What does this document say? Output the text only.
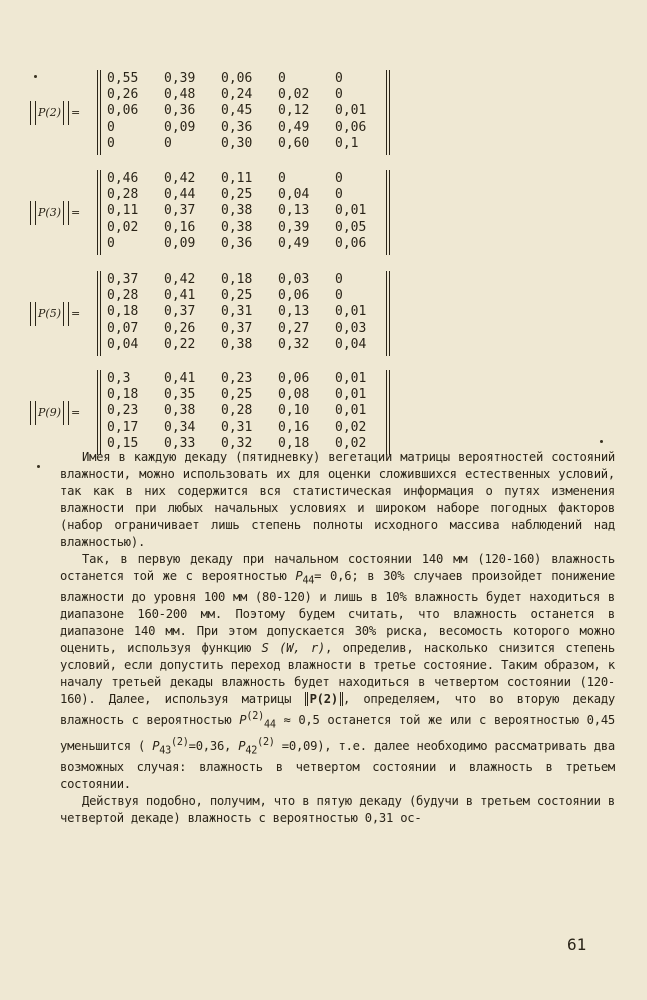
P(2) =
0,55	0,39	0,06	0	0
0,26	0,48	0,24	0,02	0
0,06	0,36	0,45	0,12	0,01
0	0,09	0,36	0,49	0,06
0	0	0,30	0,60	0,1
P(3) =
0,46	0,42	0,11	0	0
0,28	0,44	0,25	0,04	0
0,11	0,37	0,38	0,13	0,01
0,02	0,16	0,38	0,39	0,05
0	0,09	0,36	0,49	0,06
P(5) =
0,37	0,42	0,18	0,03	0
0,28	0,41	0,25	0,06	0
0,18	0,37	0,31	0,13	0,01
0,07	0,26	0,37	0,27	0,03
0,04	0,22	0,38	0,32	0,04
P(9) =
0,3	0,41	0,23	0,06	0,01
0,18	0,35	0,25	0,08	0,01
0,23	0,38	0,28	0,10	0,01
0,17	0,34	0,31	0,16	0,02
0,15	0,33	0,32	0,18	0,02

Имея в каждую декаду (пятидневку) вегетации матрицы вероятностей состояний влажности, можно использовать их для оценки сложившихся естественных условий, так как в них содержится вся статистическая информация о путях изменения влажности при любых начальных условиях и широком наборе погодных факторов (набор ограничивает лишь степень полноты исходного массива наблюдений над влажностью).

Так, в первую декаду при начальном состоянии 140 мм (120-160) влажность останется той же с вероятностью $P_{44}= 0,6$; в 30% случаев произойдет понижение влажности до уровня 100 мм (80-120) и лишь в 10% влажность будет находиться в диапазоне 160-200 мм. Поэтому будем считать, что влажность останется в диапазоне 140 мм. При этом допускается 30% риска, весомость которого можно оценить, используя функцию S (W, r), определив, насколько снизится степень условий, если допустить переход влажности в третье состояние. Таким образом, к началу третьей декады влажность будет находиться в четвертом состоянии (120-160). Далее, используя матрицы P(2) , определяем, что во вторую декаду влажность с вероятностью $P^{(2)}_{44} \approx 0,5$ останется той же или с вероятностью 0,45 уменьшится ( $P_{43}^{(2)}=0,36$, $P_{42}^{(2)} =0,09$), т.е. далее необходимо рассматривать два возможных случая: влажность в четвертом состоянии и влажность в третьем состоянии.

Действуя подобно, получим, что в пятую декаду (будучи в третьем состоянии в четвертой декаде) влажность с вероятностью 0,31 ос-

61
